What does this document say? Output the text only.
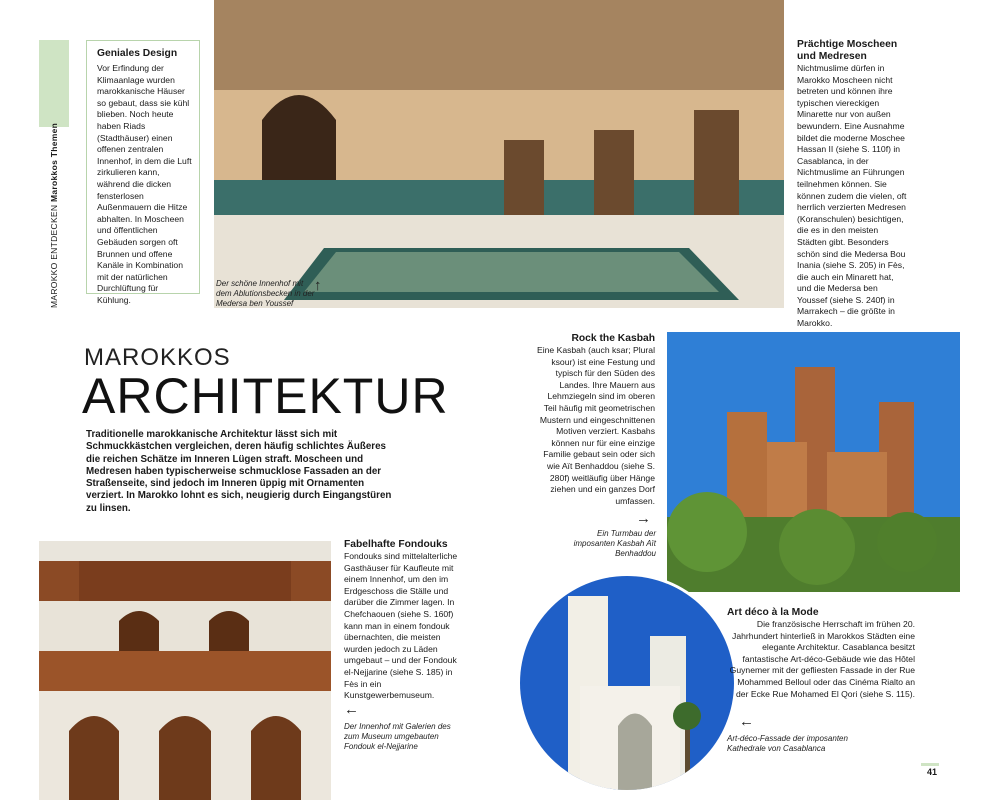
MAROKKO ENTDECKEN Marokkos Themen
Geniales Design

Vor Erfindung der Klimaanlage wurden marokkanische Häuser so gebaut, dass sie kühl blieben. Noch heute haben Riads (Stadthäuser) einen offenen zentralen Innenhof, in dem die Luft zirkulieren kann, während die dicken fensterlosen Außenmauern die Hitze abhalten. In Moscheen und öffentlichen Gebäuden sorgen oft Brunnen und offene Kanäle in Kombination mit der natürlichen Durchlüftung für Kühlung.

Der schöne Innenhof mit dem Ablutionsbecken in der Medersa ben Youssef
↑
Prächtige Moscheen und Medresen

Nichtmuslime dürfen in Marokko Moscheen nicht betreten und können ihre typischen viereckigen Minarette nur von außen bewundern. Eine Ausnahme bildet die moderne Moschee Hassan II (siehe S. 110f) in Casablanca, in der Nichtmuslime an Führungen teilnehmen können. Sie können zudem die vielen, oft herrlich verzierten Medresen (Koranschulen) besichtigen, die es in den meisten Städten gibt. Besonders schön sind die Medersa Bou Inania (siehe S. 205) in Fès, die auch ein Minarett hat, und die Medersa ben Youssef (siehe S. 240f) in Marrakech – die größte in Marokko.

MAROKKOS
ARCHITEKTUR
Traditionelle marokkanische Architektur lässt sich mit Schmuckkästchen vergleichen, deren häufig schlichtes Äußeres die reichen Schätze im Inneren Lügen straft. Moscheen und Medresen haben typischerweise schmucklose Fassaden an der Straßenseite, sind jedoch im Inneren üppig mit Ornamenten verziert. In Marokko lohnt es sich, neugierig durch Eingangstüren zu linsen.
Rock the Kasbah

Eine Kasbah (auch ksar; Plural ksour) ist eine Festung und typisch für den Süden des Landes. Ihre Mauern aus Lehmziegeln sind im oberen Teil häufig mit geometrischen Mustern und eingeschnittenen Motiven verziert. Kasbahs können nur für eine einzige Familie gebaut sein oder sich wie Aït Benhaddou (siehe S. 280f) weitläufig über Hänge ziehen und ein ganzes Dorf umfassen.

→
Ein Turmbau der imposanten Kasbah Aït Benhaddou
Fabelhafte Fondouks

Fondouks sind mittelalterliche Gasthäuser für Kaufleute mit einem Innenhof, um den im Erdgeschoss die Ställe und darüber die Zimmer lagen. In Chefchaouen (siehe S. 160f) kann man in einem fondouk übernachten, die meisten wurden jedoch zu Läden umgebaut – und der Fondouk el-Nejjarine (siehe S. 185) in Fès in ein Kunstgewerbemuseum.

←
Der Innenhof mit Galerien des zum Museum umgebauten Fondouk el-Nejjarine
Art déco à la Mode

Die französische Herrschaft im frühen 20. Jahrhundert hinterließ in Marokkos Städten eine elegante Architektur. Casablanca besitzt fantastische Art-déco-Gebäude wie das Hôtel Guynemer mit der gefliesten Fassade in der Rue Mohammed Belloul oder das Cinéma Rialto an der Ecke Rue Mohamed El Qori (siehe S. 115).

←
Art-déco-Fassade der imposanten Kathedrale von Casablanca
41
